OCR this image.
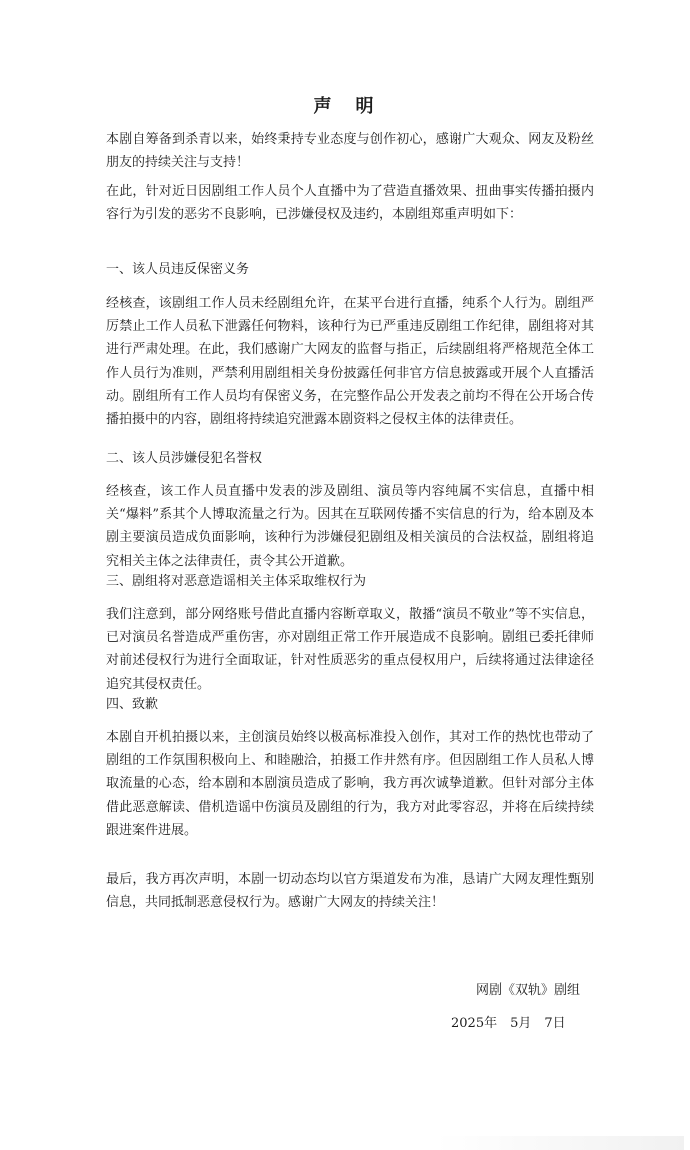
声　明

本剧自筹备到杀青以来，始终秉持专业态度与创作初心，感谢广大观众、网友及粉丝朋友的持续关注与支持！

在此，针对近日因剧组工作人员个人直播中为了营造直播效果、扭曲事实传播拍摄内容行为引发的恶劣不良影响，已涉嫌侵权及违约，本剧组郑重声明如下：

一、该人员违反保密义务

经核查，该剧组工作人员未经剧组允许，在某平台进行直播，纯系个人行为。剧组严厉禁止工作人员私下泄露任何物料，该种行为已严重违反剧组工作纪律，剧组将对其进行严肃处理。在此，我们感谢广大网友的监督与指正，后续剧组将严格规范全体工作人员行为准则，严禁利用剧组相关身份披露任何非官方信息披露或开展个人直播活动。剧组所有工作人员均有保密义务，在完整作品公开发表之前均不得在公开场合传播拍摄中的内容，剧组将持续追究泄露本剧资料之侵权主体的法律责任。

二、该人员涉嫌侵犯名誉权

经核查，该工作人员直播中发表的涉及剧组、演员等内容纯属不实信息，直播中相关“爆料”系其个人博取流量之行为。因其在互联网传播不实信息的行为，给本剧及本剧主要演员造成负面影响，该种行为涉嫌侵犯剧组及相关演员的合法权益，剧组将追究相关主体之法律责任，责令其公开道歉。

三、剧组将对恶意造谣相关主体采取维权行为

我们注意到，部分网络账号借此直播内容断章取义，散播“演员不敬业”等不实信息，已对演员名誉造成严重伤害，亦对剧组正常工作开展造成不良影响。剧组已委托律师对前述侵权行为进行全面取证，针对性质恶劣的重点侵权用户，后续将通过法律途径追究其侵权责任。

四、致歉

本剧自开机拍摄以来，主创演员始终以极高标准投入创作，其对工作的热忱也带动了剧组的工作氛围积极向上、和睦融洽，拍摄工作井然有序。但因剧组工作人员私人博取流量的心态，给本剧和本剧演员造成了影响，我方再次诚挚道歉。但针对部分主体借此恶意解读、借机造谣中伤演员及剧组的行为，我方对此零容忍，并将在后续持续跟进案件进展。

最后，我方再次声明，本剧一切动态均以官方渠道发布为准，恳请广大网友理性甄别信息，共同抵制恶意侵权行为。感谢广大网友的持续关注！

网剧《双轨》剧组
2025年　5月　7日
